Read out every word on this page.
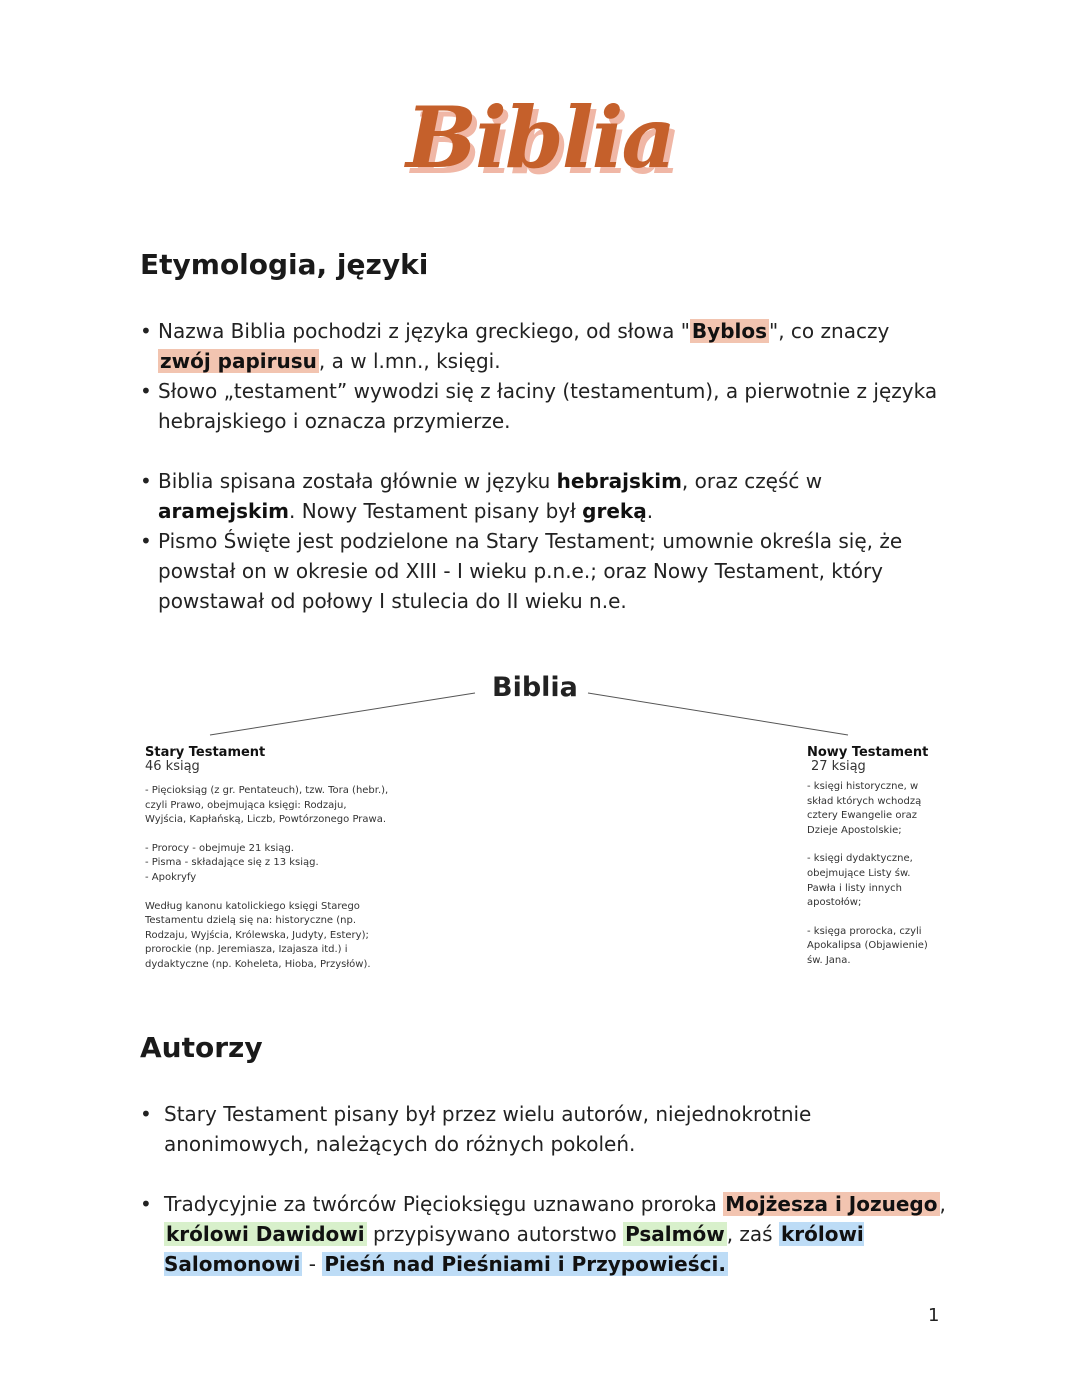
Biblia
Etymologia, języki
• Nazwa Biblia pochodzi z języka greckiego, od słowa " Byblos ", co znaczy zwój papirusu , a w l.mn., księgi.
• Słowo „testament” wywodzi się z łaciny (testamentum), a pierwotnie z języka hebrajskiego i oznacza przymierze.
• Biblia spisana została głównie w języku hebrajskim, oraz część w aramejskim. Nowy Testament pisany był greką.
• Pismo Święte jest podzielone na Stary Testament; umownie określa się, że powstał on w okresie od XIII - I wieku p.n.e.; oraz Nowy Testament, który powstawał od połowy I stulecia do II wieku n.e.
Biblia
Stary Testament
46 ksiąg

- Pięcioksiąg (z gr. Pentateuch), tzw. Tora (hebr.), czyli Prawo, obejmująca księgi: Rodzaju, Wyjścia, Kapłańską, Liczb, Powtórzonego Prawa.

- Prorocy - obejmuje 21 ksiąg.
- Pisma - składające się z 13 ksiąg.
- Apokryfy

Według kanonu katolickiego księgi Starego Testamentu dzielą się na: historyczne (np. Rodzaju, Wyjścia, Królewska, Judyty, Estery); prorockie (np. Jeremiasza, Izajasza itd.) i dydaktyczne (np. Koheleta, Hioba, Przysłów).

Nowy Testament
27 ksiąg

- księgi historyczne, w skład których wchodzą cztery Ewangelie oraz Dzieje Apostolskie;

- księgi dydaktyczne, obejmujące Listy św. Pawła i listy innych apostołów;

- księga prorocka, czyli Apokalipsa (Objawienie) św. Jana.

Autorzy
• Stary Testament pisany był przez wielu autorów, niejednokrotnie anonimowych, należących do różnych pokoleń.
• Tradycyjnie za twórców Pięcioksięgu uznawano proroka Mojżesza i Jozuego , królowi Dawidowi przypisywano autorstwo Psalmów , zaś królowi Salomonowi - Pieśń nad Pieśniami i Przypowieści.
1
